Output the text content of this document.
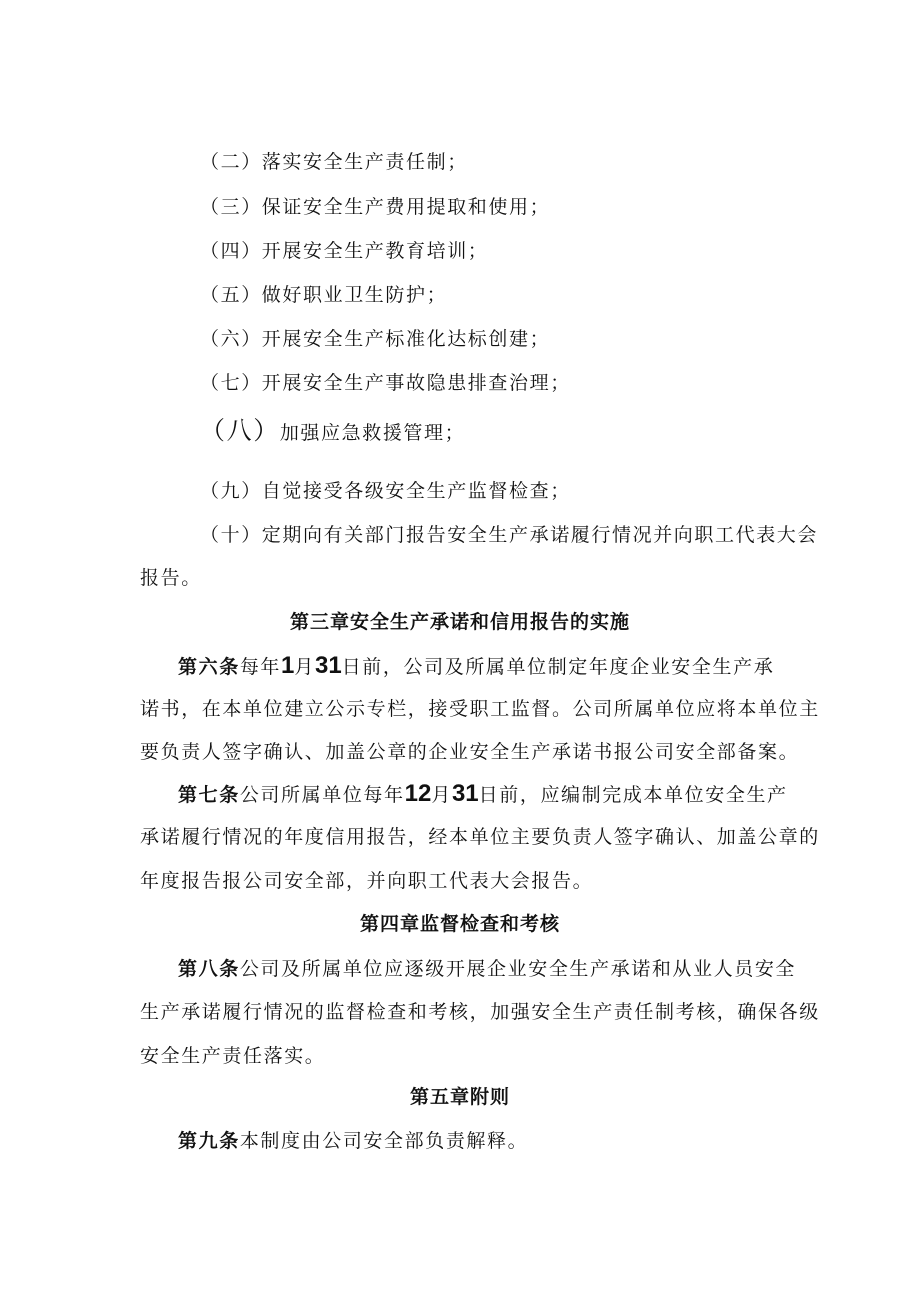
（二）落实安全生产责任制；
（三）保证安全生产费用提取和使用；
（四）开展安全生产教育培训；
（五）做好职业卫生防护；
（六）开展安全生产标准化达标创建；
（七）开展安全生产事故隐患排查治理；
（八）加强应急救援管理；
（九）自觉接受各级安全生产监督检查；
（十）定期向有关部门报告安全生产承诺履行情况并向职工代表大会
报告。
第三章安全生产承诺和信用报告的实施
第六条每年1月31日前，公司及所属单位制定年度企业安全生产承
诺书，在本单位建立公示专栏，接受职工监督。公司所属单位应将本单位主
要负责人签字确认、加盖公章的企业安全生产承诺书报公司安全部备案。
第七条公司所属单位每年12月31日前，应编制完成本单位安全生产
承诺履行情况的年度信用报告，经本单位主要负责人签字确认、加盖公章的
年度报告报公司安全部，并向职工代表大会报告。
第四章监督检查和考核
第八条公司及所属单位应逐级开展企业安全生产承诺和从业人员安全
生产承诺履行情况的监督检查和考核，加强安全生产责任制考核，确保各级
安全生产责任落实。
第五章附则
第九条本制度由公司安全部负责解释。
